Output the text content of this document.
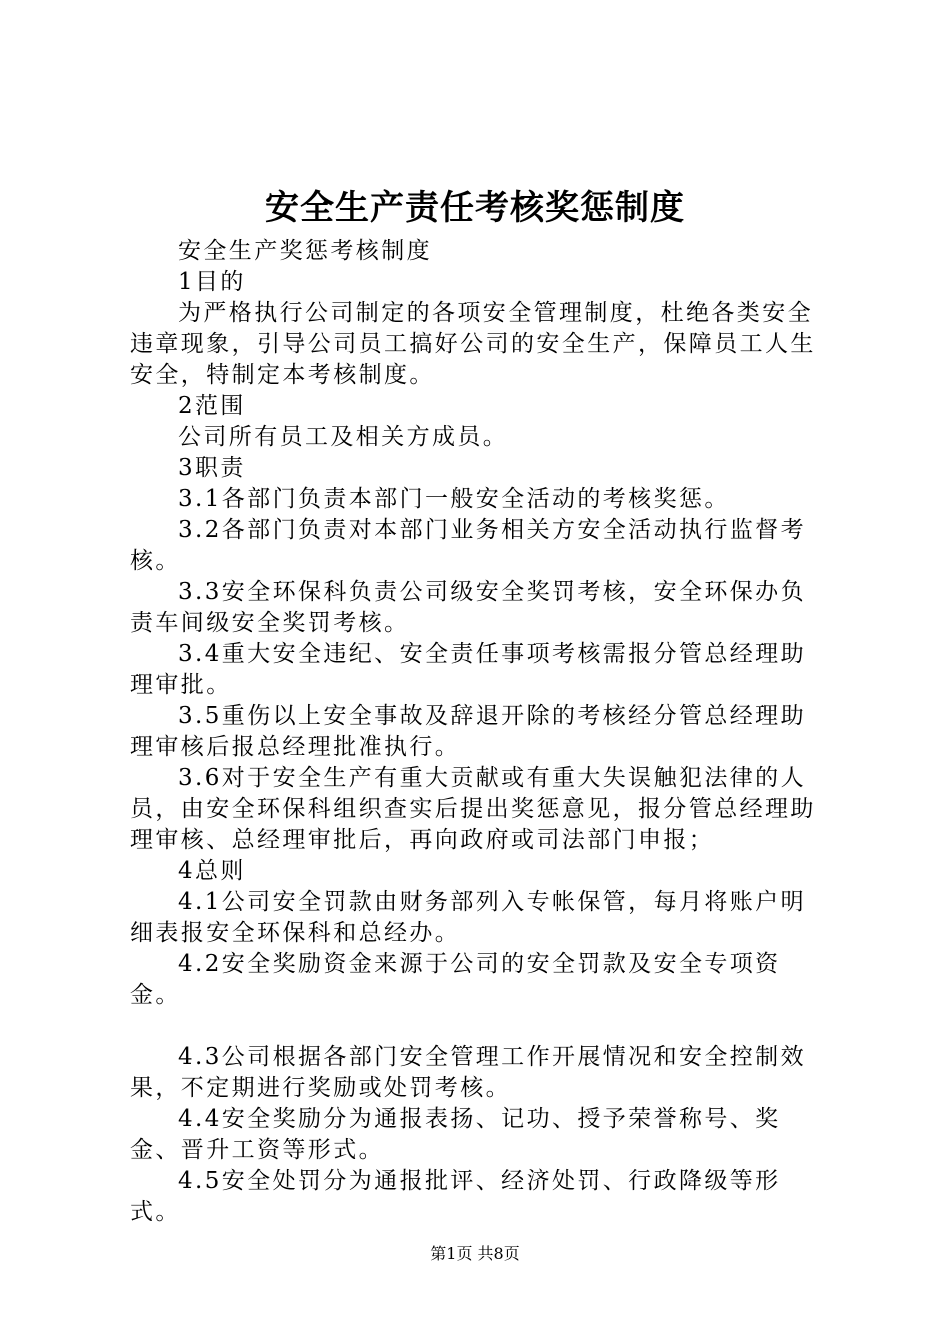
安全生产责任考核奖惩制度

安全生产奖惩考核制度

1目的

为严格执行公司制定的各项安全管理制度，杜绝各类安全违章现象，引导公司员工搞好公司的安全生产，保障员工人生安全，特制定本考核制度。

2范围

公司所有员工及相关方成员。

3职责

3.1各部门负责本部门一般安全活动的考核奖惩。

3.2各部门负责对本部门业务相关方安全活动执行监督考核。

3.3安全环保科负责公司级安全奖罚考核，安全环保办负责车间级安全奖罚考核。

3.4重大安全违纪、安全责任事项考核需报分管总经理助理审批。

3.5重伤以上安全事故及辞退开除的考核经分管总经理助理审核后报总经理批准执行。

3.6对于安全生产有重大贡献或有重大失误触犯法律的人员，由安全环保科组织查实后提出奖惩意见，报分管总经理助理审核、总经理审批后，再向政府或司法部门申报；

4总则

4.1公司安全罚款由财务部列入专帐保管，每月将账户明细表报安全环保科和总经办。

4.2安全奖励资金来源于公司的安全罚款及安全专项资金。

4.3公司根据各部门安全管理工作开展情况和安全控制效果，不定期进行奖励或处罚考核。

4.4安全奖励分为通报表扬、记功、授予荣誉称号、奖金、晋升工资等形式。

4.5安全处罚分为通报批评、经济处罚、行政降级等形式。

第1页 共8页
